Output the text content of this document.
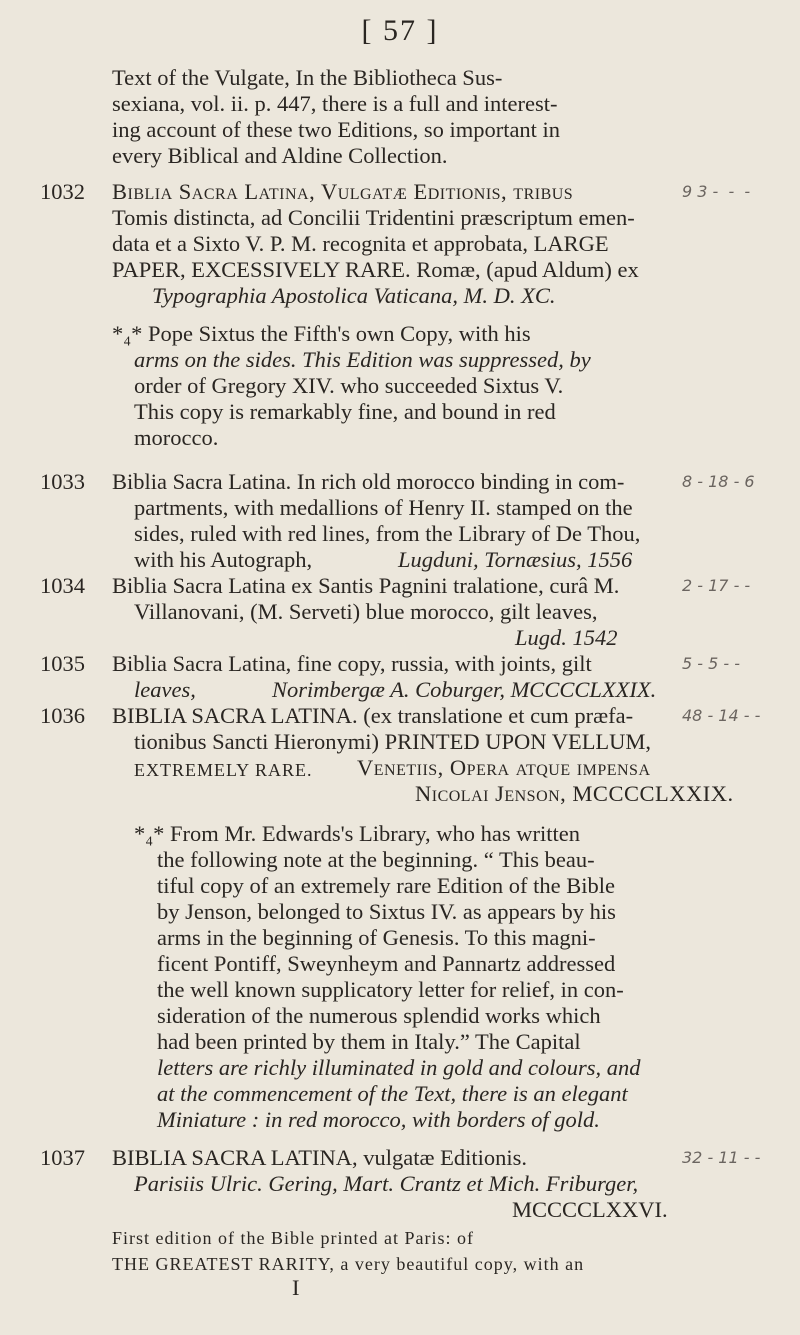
[ 57 ]
Text of the Vulgate, In the Bibliotheca Sus-
sexiana, vol. ii. p. 447, there is a full and interest-
ing account of these two Editions, so important in
every Biblical and Aldine Collection.
1032 Biblia Sacra Latina, Vulgatæ Editionis, tribus	9 3 - ⁠ - ⁠ -
Tomis distincta, ad Concilii Tridentini præscriptum emen-
data et a Sixto V. P. M. recognita et approbata, LARGE
PAPER, EXCESSIVELY RARE. Romæ, (apud Aldum) ex
Typographia Apostolica Vaticana, M. D. XC.
*₄* Pope Sixtus the Fifth's own Copy, with his
arms on the sides. This Edition was suppressed, by
order of Gregory XIV. who succeeded Sixtus V.
This copy is remarkably fine, and bound in red
morocco.
1033 Biblia Sacra Latina. In rich old morocco binding in com-	8 - 18 - 6
partments, with medallions of Henry II. stamped on the
sides, ruled with red lines, from the Library of De Thou,
with his Autograph,	Lugduni, Tornæsius, 1556
1034 Biblia Sacra Latina ex Santis Pagnini tralatione, curâ M.	2 - 17 - -
Villanovani, (M. Serveti) blue morocco, gilt leaves,
Lugd. 1542
1035 Biblia Sacra Latina, fine copy, russia, with joints, gilt	5 - 5 - -
leaves,	Norimbergæ A. Coburger, MCCCCLXXIX.
1036 BIBLIA SACRA LATINA. (ex translatione et cum præfa-	48 - 14 - -
tionibus Sancti Hieronymi) PRINTED UPON VELLUM,
EXTREMELY RARE. Venetiis, Opera atque impensa
Nicolai Jenson, MCCCCLXXIX.
*₄* From Mr. Edwards's Library, who has written
the following note at the beginning. “ This beau-
tiful copy of an extremely rare Edition of the Bible
by Jenson, belonged to Sixtus IV. as appears by his
arms in the beginning of Genesis. To this magni-
ficent Pontiff, Sweynheym and Pannartz addressed
the well known supplicatory letter for relief, in con-
sideration of the numerous splendid works which
had been printed by them in Italy.” The Capital
letters are richly illuminated in gold and colours, and
at the commencement of the Text, there is an elegant
Miniature : in red morocco, with borders of gold.
1037 BIBLIA SACRA LATINA, vulgatæ Editionis.	32 - 11 - -
Parisiis Ulric. Gering, Mart. Crantz et Mich. Friburger,
MCCCCLXXVI.
First edition of the Bible printed at Paris: of
THE GREATEST RARITY, a very beautiful copy, with an
I
